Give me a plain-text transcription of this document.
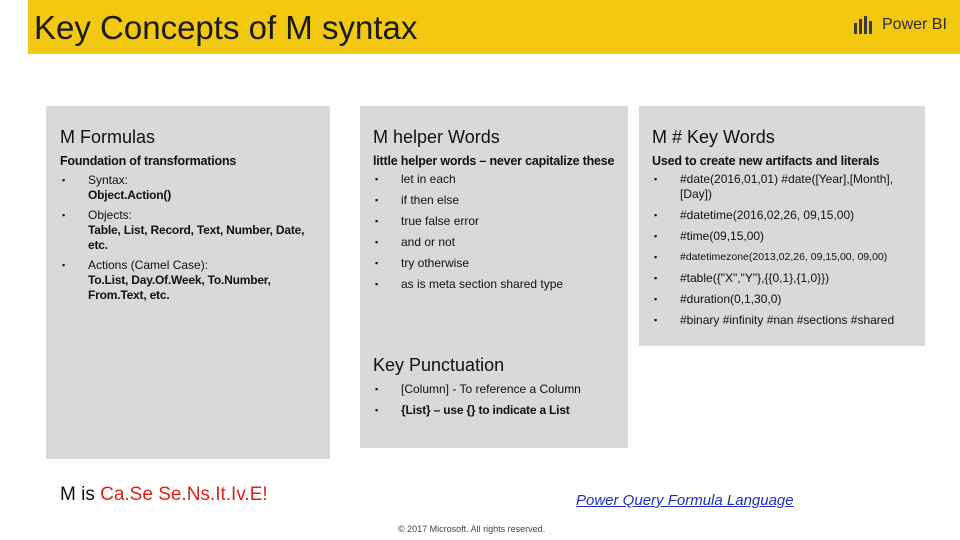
Key Concepts of M syntax	Power BI
M Formulas
Foundation of transformations
▪ Syntax:
Object.Action()
▪ Objects:
Table, List, Record, Text, Number, Date, etc.
▪ Actions (Camel Case):
To.List, Day.Of.Week, To.Number, From.Text, etc.
M helper Words
little helper words – never capitalize these
▪ let in each
▪ if then else
▪ true false error
▪ and or not
▪ try otherwise
▪ as is meta section shared type
M # Key Words
Used to create new artifacts and literals
▪ #date(2016,01,01) #date([Year],[Month],[Day])
▪ #datetime(2016,02,26, 09,15,00)
▪ #time(09,15,00)
▪ #datetimezone(2013,02,26, 09,15,00, 09,00)
▪ #table({"X","Y"},{{0,1},{1,0}})
▪ #duration(0,1,30,0)
▪ #binary #infinity #nan #sections #shared
Key Punctuation
▪ [Column] - To reference a Column
▪ {List} – use {} to indicate a List
M is Ca.Se Se.Ns.It.Iv.E!	Power Query Formula Language
© 2017 Microsoft. All rights reserved.
